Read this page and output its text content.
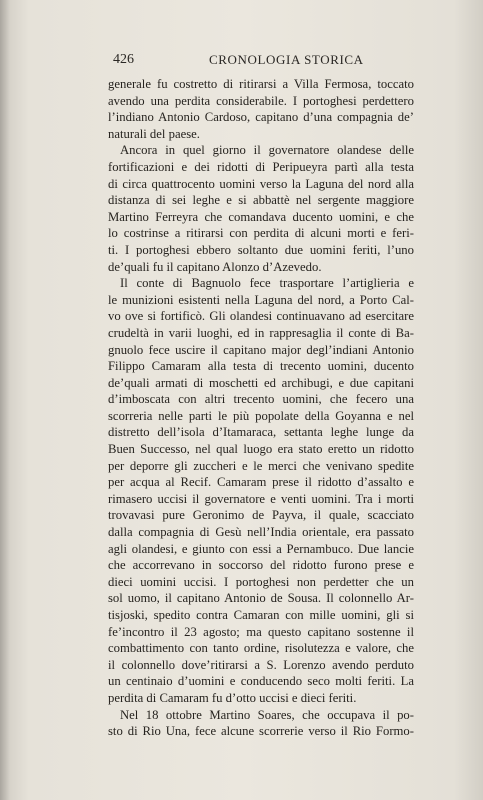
426	CRONOLOGIA STORICA
generale fu costretto di ritirarsi a Villa Fermosa, toccato
avendo una perdita considerabile. I portoghesi perdettero
l’indiano Antonio Cardoso, capitano d’una compagnia de’
naturali del paese.
Ancora in quel giorno il governatore olandese delle
fortificazioni e dei ridotti di Peripueyra partì alla testa
di circa quattrocento uomini verso la Laguna del nord alla
distanza di sei leghe e si abbattè nel sergente maggiore
Martino Ferreyra che comandava ducento uomini, e che
lo costrinse a ritirarsi con perdita di alcuni morti e feri-
ti. I portoghesi ebbero soltanto due uomini feriti, l’uno
de’quali fu il capitano Alonzo d’Azevedo.
Il conte di Bagnuolo fece trasportare l’artiglieria e
le munizioni esistenti nella Laguna del nord, a Porto Cal-
vo ove si fortificò. Gli olandesi continuavano ad esercitare
crudeltà in varii luoghi, ed in rappresaglia il conte di Ba-
gnuolo fece uscire il capitano major degl’indiani Antonio
Filippo Camaram alla testa di trecento uomini, ducento
de’quali armati di moschetti ed archibugi, e due capitani
d’imboscata con altri trecento uomini, che fecero una
scorreria nelle parti le più popolate della Goyanna e nel
distretto dell’isola d’Itamaraca, settanta leghe lunge da
Buen Successo, nel qual luogo era stato eretto un ridotto
per deporre gli zuccheri e le merci che venivano spedite
per acqua al Recif. Camaram prese il ridotto d’assalto e
rimasero uccisi il governatore e venti uomini. Tra i morti
trovavasi pure Geronimo de Payva, il quale, scacciato
dalla compagnia di Gesù nell’India orientale, era passato
agli olandesi, e giunto con essi a Pernambuco. Due lancie
che accorrevano in soccorso del ridotto furono prese e
dieci uomini uccisi. I portoghesi non perdetter che un
sol uomo, il capitano Antonio de Sousa. Il colonnello Ar-
tisjoski, spedito contra Camaran con mille uomini, gli si
fe’incontro il 23 agosto; ma questo capitano sostenne il
combattimento con tanto ordine, risolutezza e valore, che
il colonnello dove’ritirarsi a S. Lorenzo avendo perduto
un centinaio d’uomini e conducendo seco molti feriti. La
perdita di Camaram fu d’otto uccisi e dieci feriti.
Nel 18 ottobre Martino Soares, che occupava il po-
sto di Rio Una, fece alcune scorrerie verso il Rio Formo-
